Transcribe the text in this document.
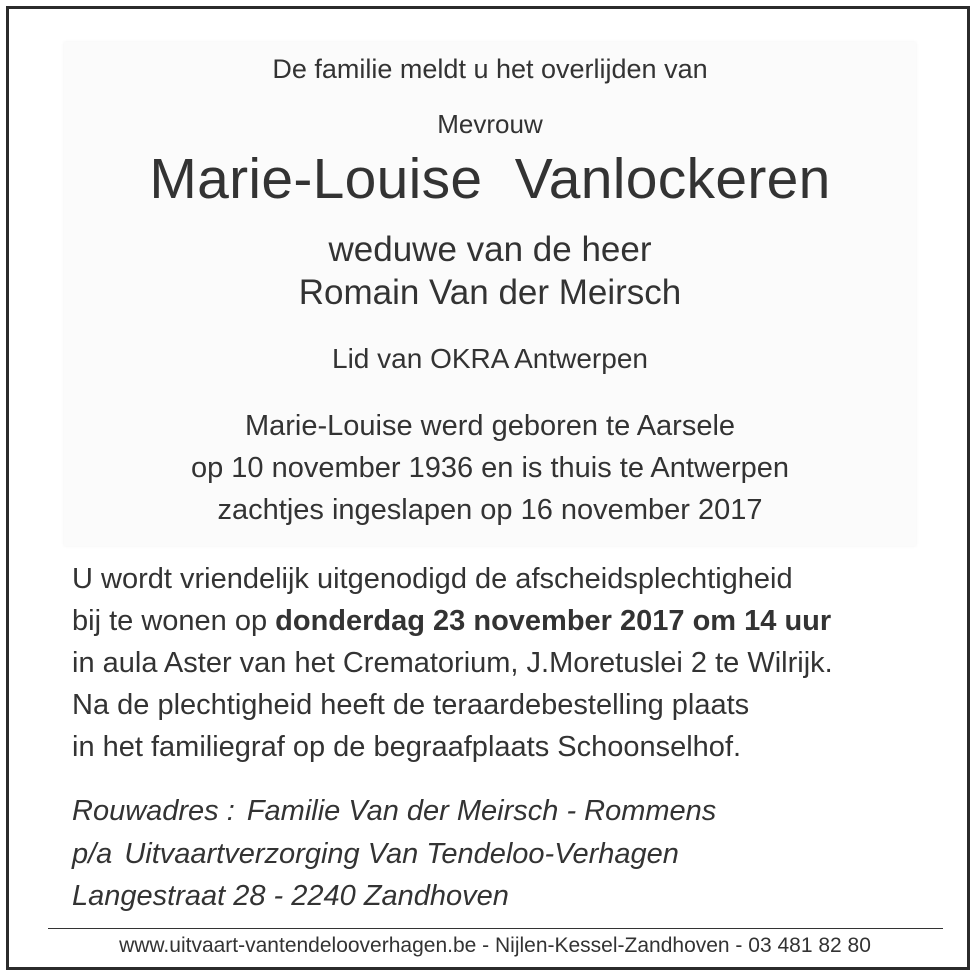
De familie meldt u het overlijden van
Mevrouw
Marie-Louise  Vanlockeren
weduwe van de heer
Romain Van der Meirsch
Lid van OKRA Antwerpen
Marie-Louise werd geboren te Aarsele
op 10 november 1936 en is thuis te Antwerpen
zachtjes ingeslapen op 16 november 2017
U wordt vriendelijk uitgenodigd de afscheidsplechtigheid
bij te wonen op donderdag 23 november 2017 om 14 uur
in aula Aster van het Crematorium, J.Moretuslei 2 te Wilrijk.
Na de plechtigheid heeft de teraardebestelling plaats
in het familiegraf op de begraafplaats Schoonselhof.
Rouwadres : Familie Van der Meirsch - Rommens
p/a Uitvaartverzorging Van Tendeloo-Verhagen
Langestraat 28 - 2240 Zandhoven
www.uitvaart-vantendelooverhagen.be - Nijlen-Kessel-Zandhoven - 03 481 82 80
